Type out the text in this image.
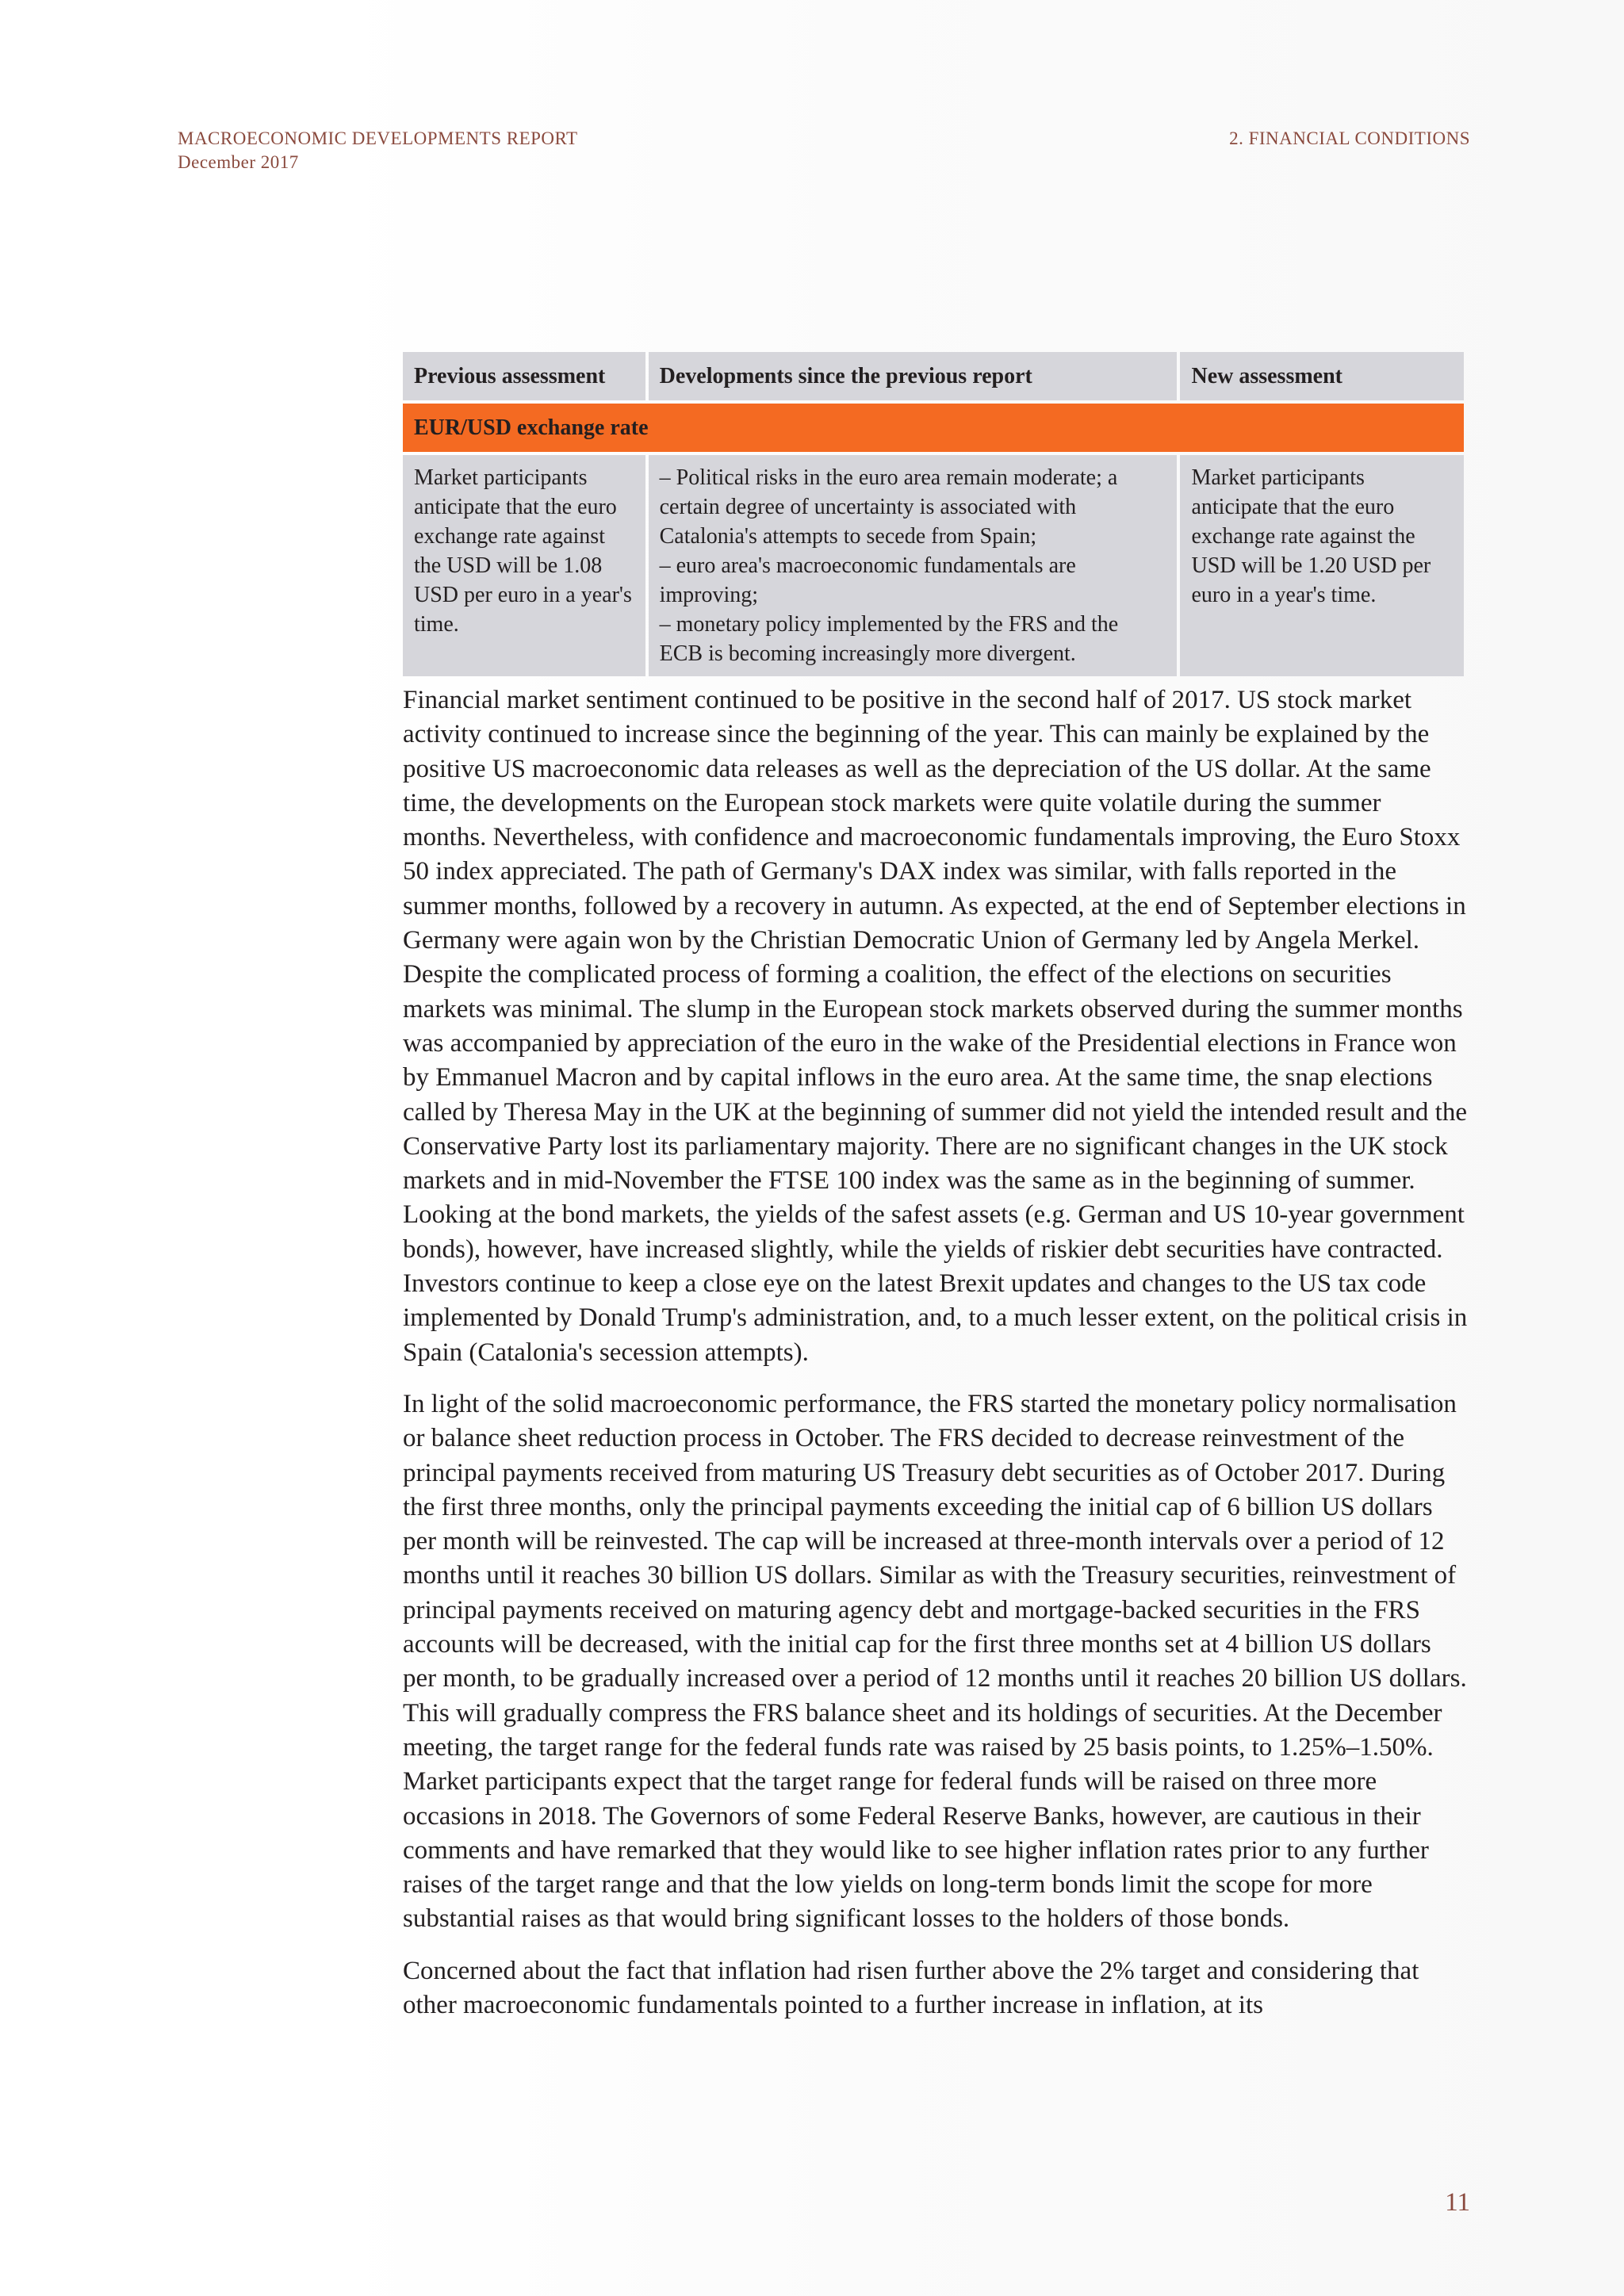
MACROECONOMIC DEVELOPMENTS REPORT
December 2017
2. FINANCIAL CONDITIONS
Previous assessment	Developments since the previous report	New assessment
EUR/USD exchange rate		
Market participants anticipate that the euro exchange rate against the USD will be 1.08 USD per euro in a year's time.	– Political risks in the euro area remain moderate; a certain degree of uncertainty is associated with Catalonia's attempts to secede from Spain;
– euro area's macroeconomic fundamentals are improving;
– monetary policy implemented by the FRS and the ECB is becoming increasingly more divergent.	Market participants anticipate that the euro exchange rate against the USD will be 1.20 USD per euro in a year's time.

Financial market sentiment continued to be positive in the second half of 2017. US stock market activity continued to increase since the beginning of the year. This can mainly be explained by the positive US macroeconomic data releases as well as the depreciation of the US dollar. At the same time, the developments on the European stock markets were quite volatile during the summer months. Nevertheless, with confidence and macroeconomic fundamentals improving, the Euro Stoxx 50 index appreciated. The path of Germany's DAX index was similar, with falls reported in the summer months, followed by a recovery in autumn. As expected, at the end of September elections in Germany were again won by the Christian Democratic Union of Germany led by Angela Merkel. Despite the complicated process of forming a coalition, the effect of the elections on securities markets was minimal. The slump in the European stock markets observed during the summer months was accompanied by appreciation of the euro in the wake of the Presidential elections in France won by Emmanuel Macron and by capital inflows in the euro area. At the same time, the snap elections called by Theresa May in the UK at the beginning of summer did not yield the intended result and the Conservative Party lost its parliamentary majority. There are no significant changes in the UK stock markets and in mid-November the FTSE 100 index was the same as in the beginning of summer. Looking at the bond markets, the yields of the safest assets (e.g. German and US 10-year government bonds), however, have increased slightly, while the yields of riskier debt securities have contracted. Investors continue to keep a close eye on the latest Brexit updates and changes to the US tax code implemented by Donald Trump's administration, and, to a much lesser extent, on the political crisis in Spain (Catalonia's secession attempts).

In light of the solid macroeconomic performance, the FRS started the monetary policy normalisation or balance sheet reduction process in October. The FRS decided to decrease reinvestment of the principal payments received from maturing US Treasury debt securities as of October 2017. During the first three months, only the principal payments exceeding the initial cap of 6 billion US dollars per month will be reinvested. The cap will be increased at three-month intervals over a period of 12 months until it reaches 30 billion US dollars. Similar as with the Treasury securities, reinvestment of principal payments received on maturing agency debt and mortgage-backed securities in the FRS accounts will be decreased, with the initial cap for the first three months set at 4 billion US dollars per month, to be gradually increased over a period of 12 months until it reaches 20 billion US dollars. This will gradually compress the FRS balance sheet and its holdings of securities. At the December meeting, the target range for the federal funds rate was raised by 25 basis points, to 1.25%–1.50%. Market participants expect that the target range for federal funds will be raised on three more occasions in 2018. The Governors of some Federal Reserve Banks, however, are cautious in their comments and have remarked that they would like to see higher inflation rates prior to any further raises of the target range and that the low yields on long-term bonds limit the scope for more substantial raises as that would bring significant losses to the holders of those bonds.

Concerned about the fact that inflation had risen further above the 2% target and considering that other macroeconomic fundamentals pointed to a further increase in inflation, at its

11
